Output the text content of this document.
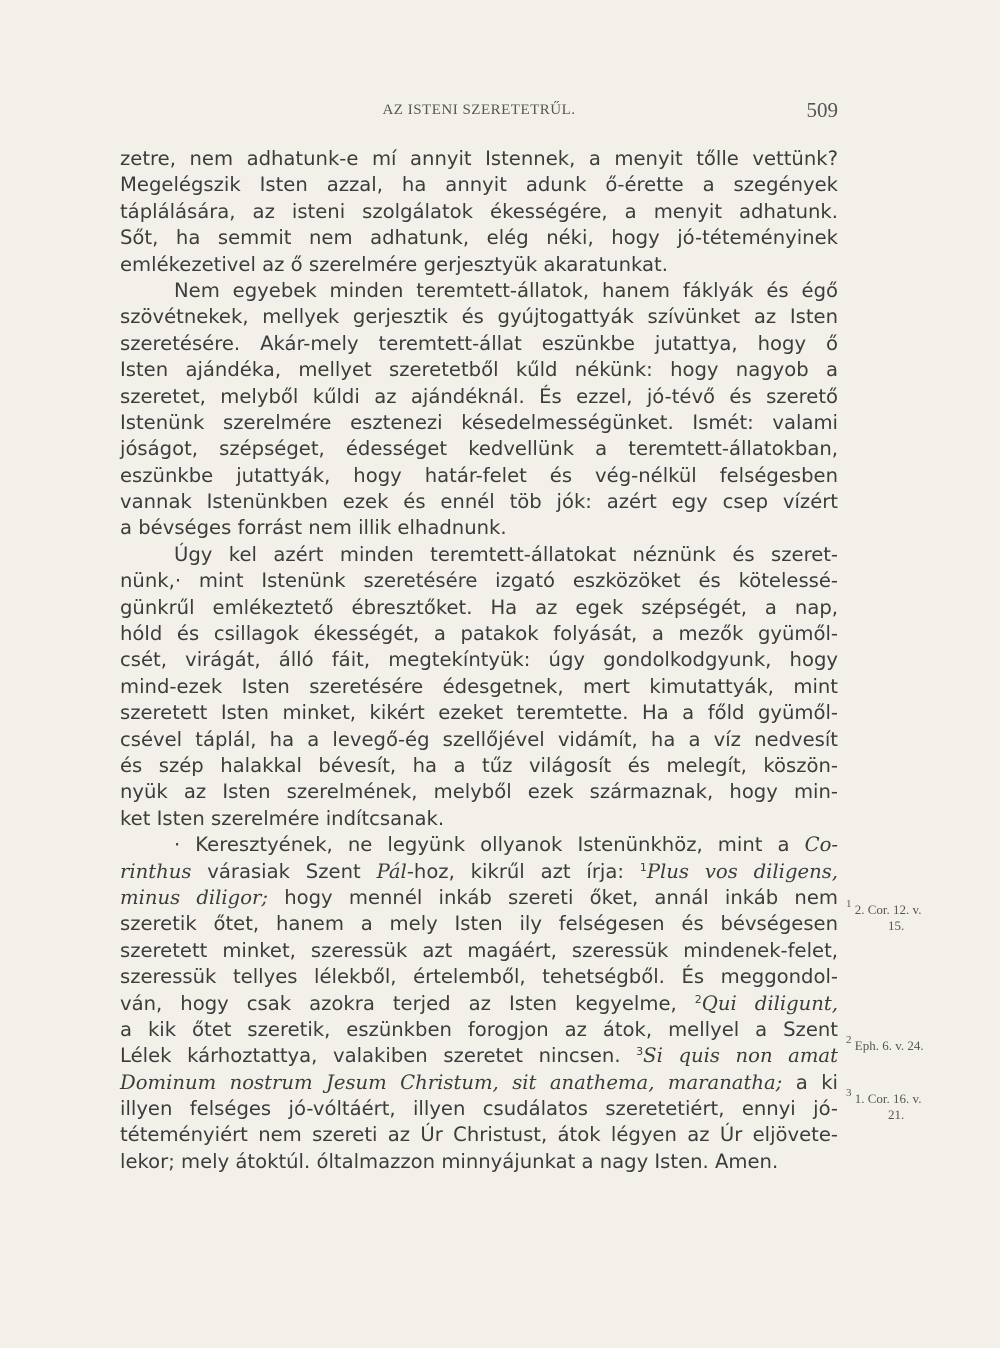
AZ ISTENI SZERETETRŰL.	509
zetre, nem adhatunk-e mí annyit Istennek, a menyit tőlle vettünk?
Megelégszik Isten azzal, ha annyit adunk ő-érette a szegények
táplálására, az isteni szolgálatok ékességére, a menyit adhatunk.
Sőt, ha semmit nem adhatunk, elég néki, hogy jó-téteményinek
emlékezetivel az ő szerelmére gerjesztyük akaratunkat.
Nem egyebek minden teremtett-állatok, hanem fáklyák és égő
szövétnekek, mellyek gerjesztik és gyújtogattyák szívünket az Isten
szeretésére. Akár-mely teremtett-állat eszünkbe jutattya, hogy ő
Isten ajándéka, mellyet szeretetből kűld nékünk: hogy nagyob a
szeretet, melyből kűldi az ajándéknál. És ezzel, jó-tévő és szerető
Istenünk szerelmére esztenezi késedelmességünket. Ismét: valami
jóságot, szépséget, édességet kedvellünk a teremtett-állatokban,
eszünkbe jutattyák, hogy határ-felet és vég-nélkül felségesben
vannak Istenünkben ezek és ennél töb jók: azért egy csep vízért
a bévséges forrást nem illik elhadnunk.
Úgy kel azért minden teremtett-állatokat néznünk és szeret-
nünk,· mint Istenünk szeretésére izgató eszközöket és kötelessé-
günkrűl emlékeztető ébresztőket. Ha az egek szépségét, a nap,
hóld és csillagok ékességét, a patakok folyását, a mezők gyümől-
csét, virágát, álló fáit, megtekíntyük: úgy gondolkodgyunk, hogy
mind-ezek Isten szeretésére édesgetnek, mert kimutattyák, mint
szeretett Isten minket, kikért ezeket teremtette. Ha a főld gyümől-
csével táplál, ha a levegő-ég szellőjével vidámít, ha a víz nedvesít
és szép halakkal bévesít, ha a tűz világosít és melegít, köszön-
nyük az Isten szerelmének, melyből ezek származnak, hogy min-
ket Isten szerelmére indítcsanak.
· Keresztyének, ne legyünk ollyanok Istenünkhöz, mint a Co-
rinthus várasiak Szent Pál-hoz, kikrűl azt írja: $^1$Plus vos diligens,
minus diligor; hogy mennél inkáb szereti őket, annál inkáb nem
szeretik őtet, hanem a mely Isten ily felségesen és bévségesen
szeretett minket, szeressük azt magáért, szeressük mindenek-felet,
szeressük tellyes lélekből, értelemből, tehetségből. És meggondol-
ván, hogy csak azokra terjed az Isten kegyelme, $^2$Qui diligunt,
a kik őtet szeretik, eszünkben forogjon az átok, mellyel a Szent
Lélek kárhoztattya, valakiben szeretet nincsen. $^3$Si quis non amat
Dominum nostrum Jesum Christum, sit anathema, maranatha; a ki
illyen felséges jó-vóltáért, illyen csudálatos szeretetiért, ennyi jó-
téteményiért nem szereti az Úr Christust, átok légyen az Úr eljövete-
lekor; mely átoktúl. óltalmazzon minnyájunkat a nagy Isten. Amen.
$^1$ 2. Cor. 12. v.
15.
$^2$ Eph. 6. v. 24.
$^3$ 1. Cor. 16. v.
21.
